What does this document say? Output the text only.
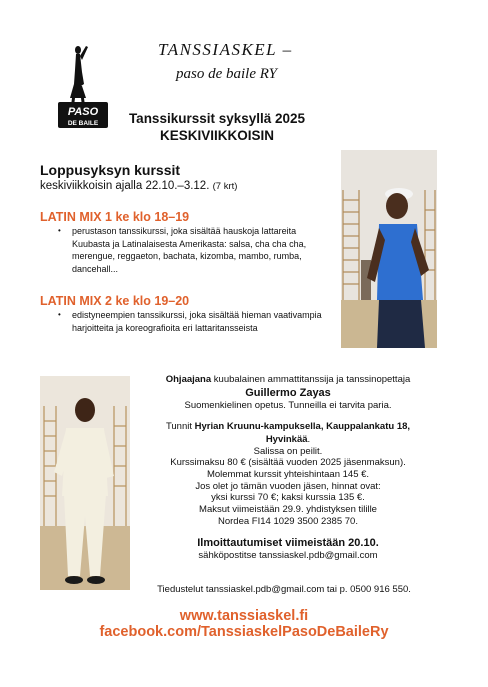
PASO
DE BAILE
TANSSIASKEL –
paso de baile RY
Tanssikurssit syksyllä 2025
KESKIVIIKKOISIN
Loppusyksyn kurssit
keskiviikkoisin ajalla 22.10.–3.12. (7 krt)
LATIN MIX 1 ke klo 18–19
• perustason tanssikurssi, joka sisältää hauskoja lattareita Kuubasta ja Latinalaisesta Amerikasta: salsa, cha cha cha, merengue, reggaeton, bachata, kizomba, mambo, rumba, dancehall...
LATIN MIX 2 ke klo 19–20
• edistyneempien tanssikurssi, joka sisältää hieman vaativampia harjoitteita ja koreografioita eri lattaritansseista
Ohjaajana kuubalainen ammattitanssija ja tanssinopettaja
Guillermo Zayas
Suomenkielinen opetus. Tunneilla ei tarvita paria.
Tunnit Hyrian Kruunu-kampuksella, Kauppalankatu 18, Hyvinkää.
Salissa on peilit.
Kurssimaksu 80 € (sisältää vuoden 2025 jäsenmaksun).
Molemmat kurssit yhteishintaan 145 €.
Jos olet jo tämän vuoden jäsen, hinnat ovat:
yksi kurssi 70 €; kaksi kurssia 135 €.
Maksut viimeistään 29.9. yhdistyksen tilille
Nordea FI14 1029 3500 2385 70.
Ilmoittautumiset viimeistään 20.10.
sähköpostitse tanssiaskel.pdb@gmail.com
Tiedustelut tanssiaskel.pdb@gmail.com tai p. 0500 916 550.
www.tanssiaskel.fi
facebook.com/TanssiaskelPasoDeBaileRy
